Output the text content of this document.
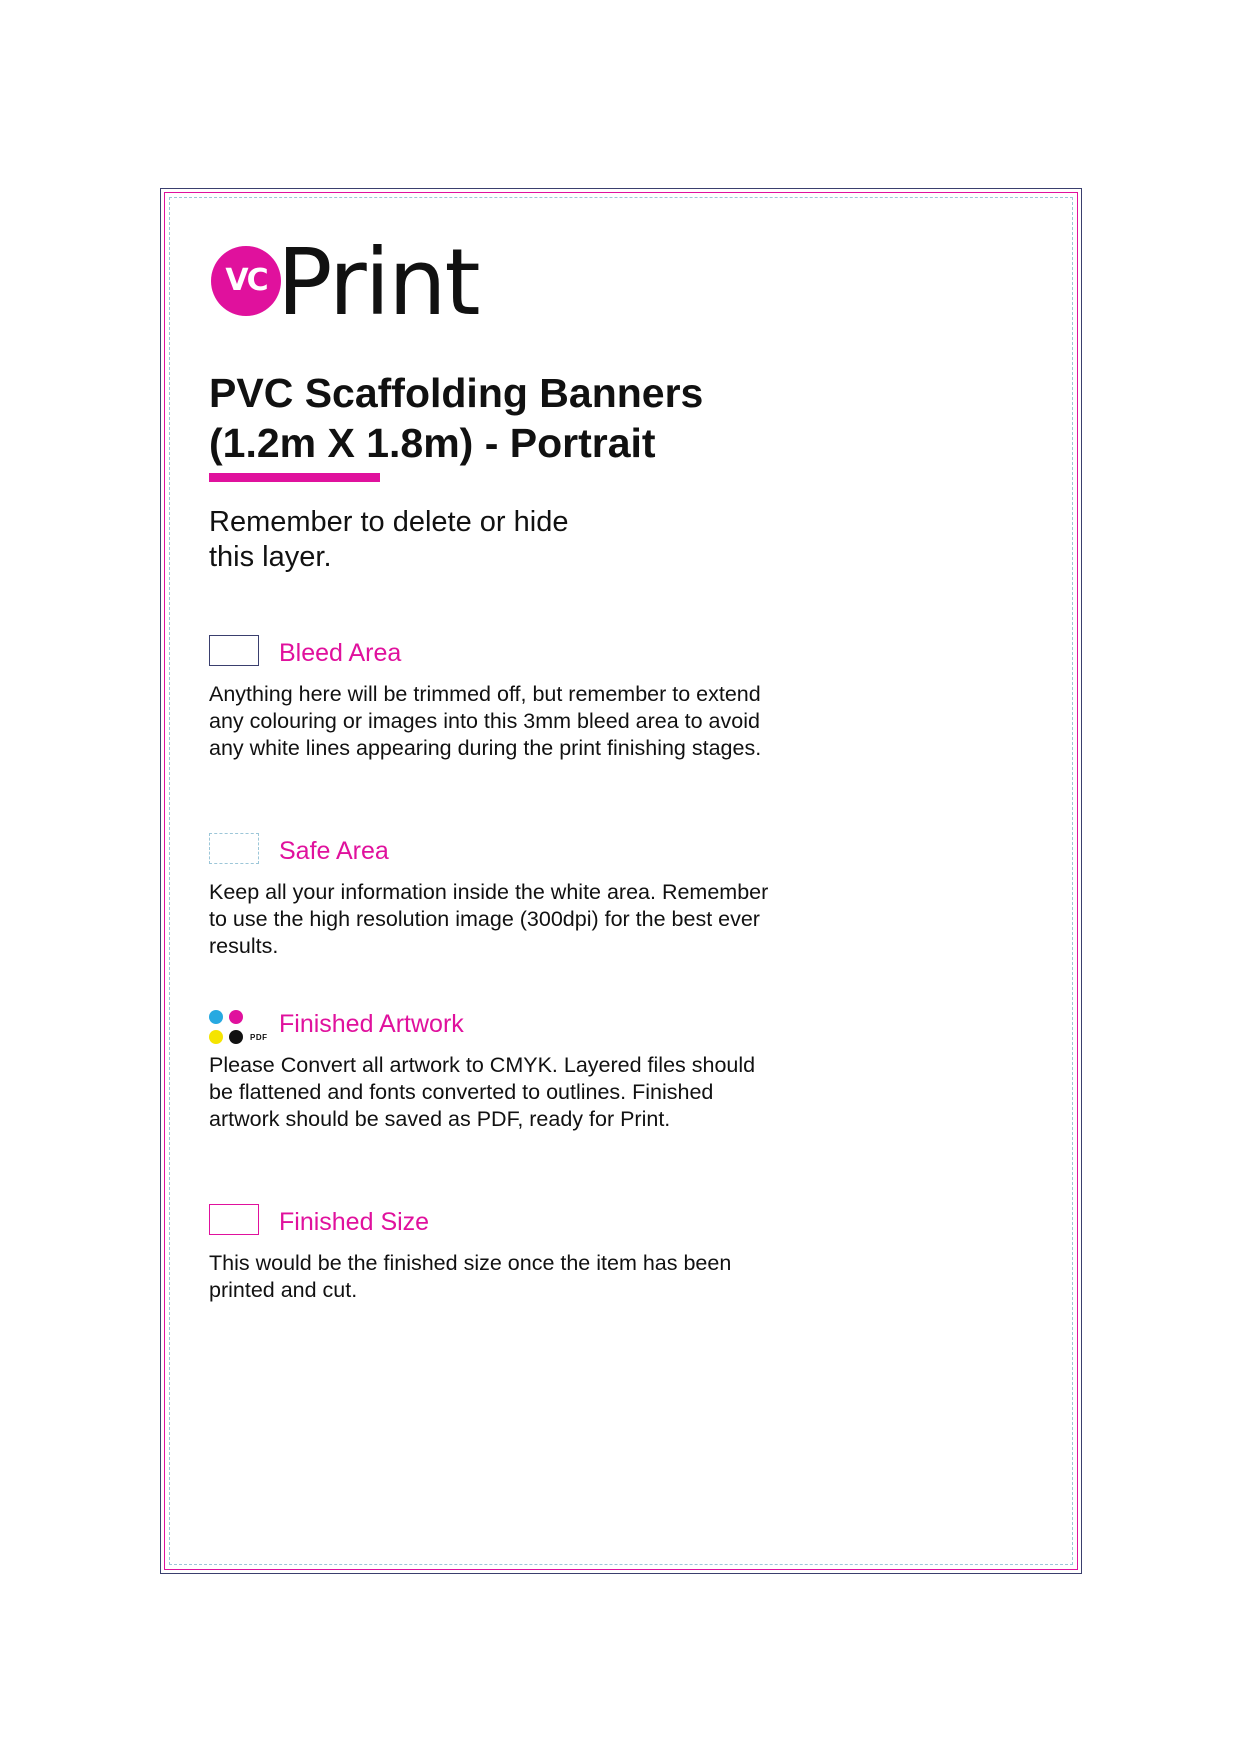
VC Print
PVC Scaffolding Banners
(1.2m X 1.8m) - Portrait
Remember to delete or hide
this layer.
Bleed Area
Anything here will be trimmed off, but remember to extend any colouring or images into this 3mm bleed area to avoid any white lines appearing during the print finishing stages.
Safe Area
Keep all your information inside the white area. Remember to use the high resolution image (300dpi) for the best ever results.
PDF Finished Artwork
Please Convert all artwork to CMYK. Layered files should be flattened and fonts converted to outlines. Finished artwork should be saved as PDF, ready for Print.
Finished Size
This would be the finished size once the item has been printed and cut.
